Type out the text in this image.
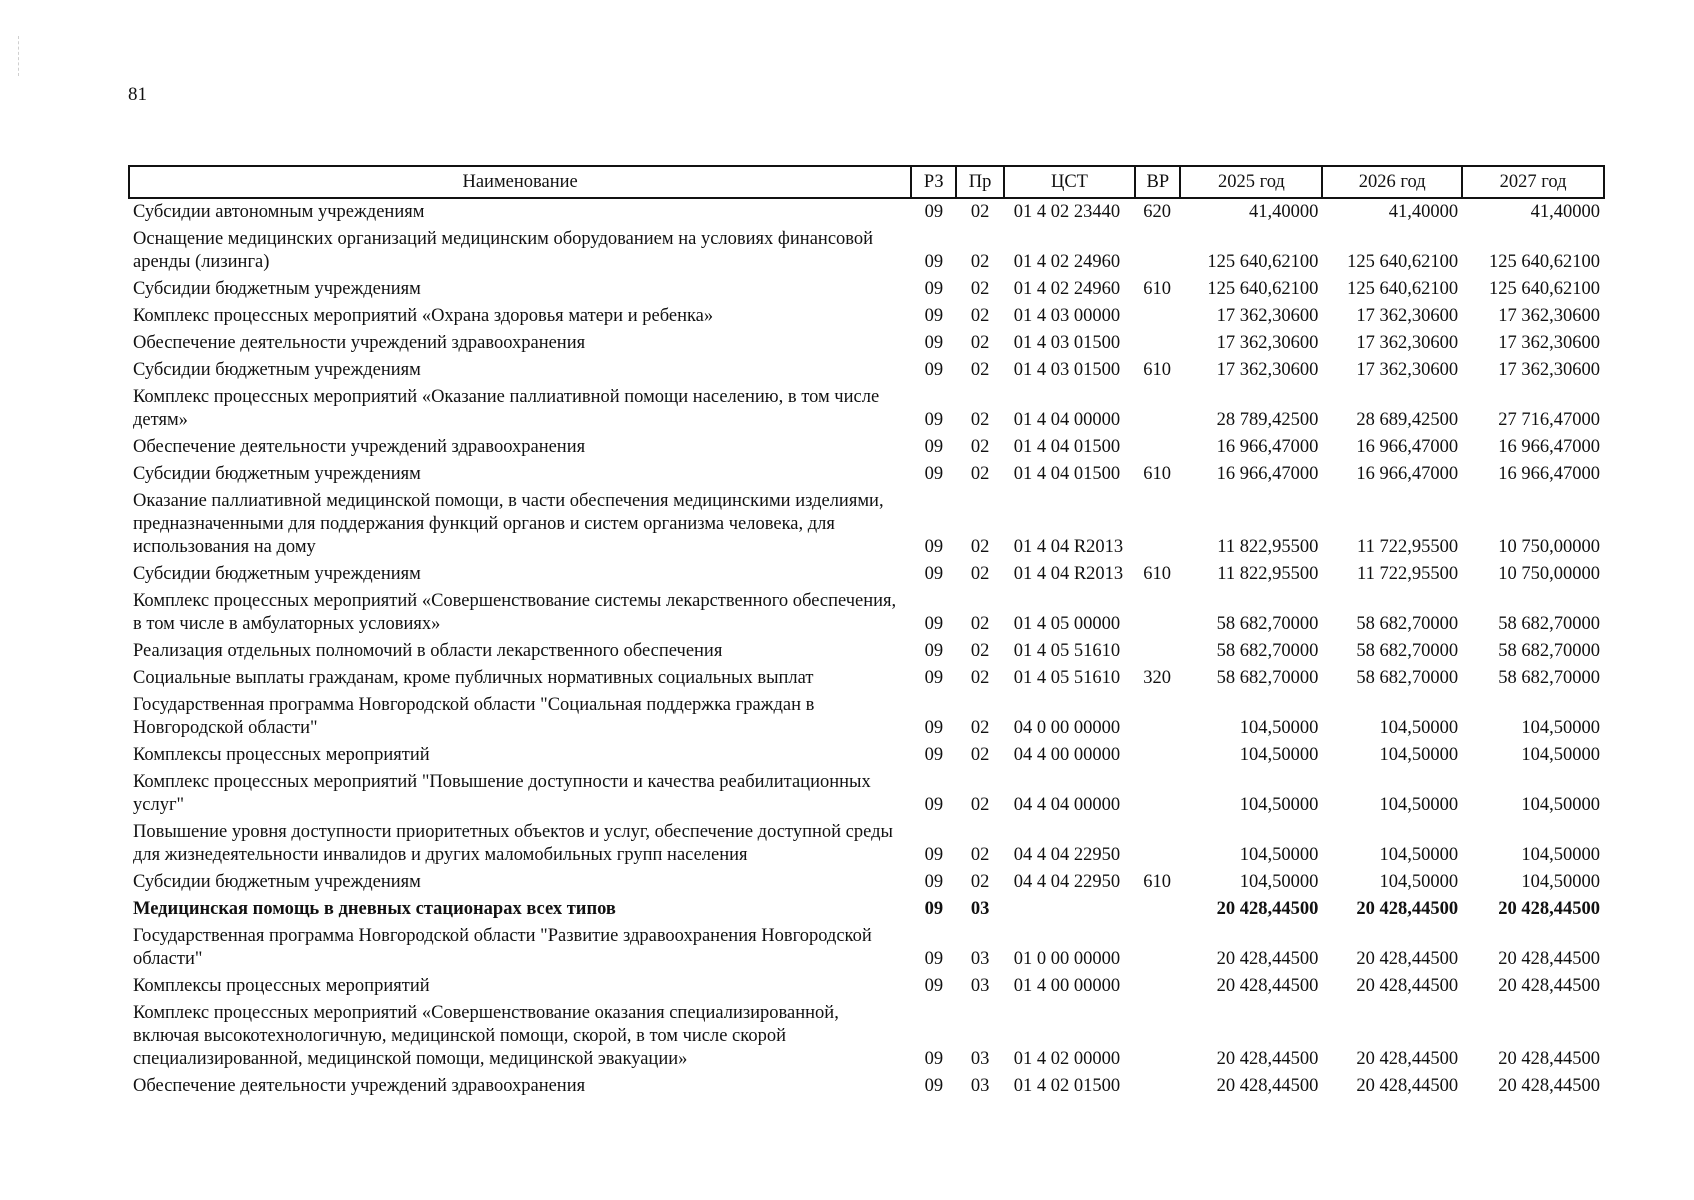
81
Наименование	РЗ	Пр	ЦСТ	ВР	2025 год	2026 год	2027 год
Субсидии автономным учреждениям	09	02	01 4 02 23440	620	41,40000	41,40000	41,40000
Оснащение медицинских организаций медицинским оборудованием на условиях финансовой аренды (лизинга)	09	02	01 4 02 24960		125 640,62100	125 640,62100	125 640,62100
Субсидии бюджетным учреждениям	09	02	01 4 02 24960	610	125 640,62100	125 640,62100	125 640,62100
Комплекс процессных мероприятий «Охрана здоровья матери и ребенка»	09	02	01 4 03 00000		17 362,30600	17 362,30600	17 362,30600
Обеспечение деятельности учреждений здравоохранения	09	02	01 4 03 01500		17 362,30600	17 362,30600	17 362,30600
Субсидии бюджетным учреждениям	09	02	01 4 03 01500	610	17 362,30600	17 362,30600	17 362,30600
Комплекс процессных мероприятий «Оказание паллиативной помощи населению, в том числе детям»	09	02	01 4 04 00000		28 789,42500	28 689,42500	27 716,47000
Обеспечение деятельности учреждений здравоохранения	09	02	01 4 04 01500		16 966,47000	16 966,47000	16 966,47000
Субсидии бюджетным учреждениям	09	02	01 4 04 01500	610	16 966,47000	16 966,47000	16 966,47000
Оказание паллиативной медицинской помощи, в части обеспечения медицинскими изделиями, предназначенными для поддержания функций органов и систем организма человека, для использования на дому	09	02	01 4 04 R2013		11 822,95500	11 722,95500	10 750,00000
Субсидии бюджетным учреждениям	09	02	01 4 04 R2013	610	11 822,95500	11 722,95500	10 750,00000
Комплекс процессных мероприятий «Совершенствование системы лекарственного обеспечения, в том числе в амбулаторных условиях»	09	02	01 4 05 00000		58 682,70000	58 682,70000	58 682,70000
Реализация отдельных полномочий в области лекарственного обеспечения	09	02	01 4 05 51610		58 682,70000	58 682,70000	58 682,70000
Социальные выплаты гражданам, кроме публичных нормативных социальных выплат	09	02	01 4 05 51610	320	58 682,70000	58 682,70000	58 682,70000
Государственная программа Новгородской области "Социальная поддержка граждан в Новгородской области"	09	02	04 0 00 00000		104,50000	104,50000	104,50000
Комплексы процессных мероприятий	09	02	04 4 00 00000		104,50000	104,50000	104,50000
Комплекс процессных мероприятий "Повышение доступности и качества реабилитационных услуг"	09	02	04 4 04 00000		104,50000	104,50000	104,50000
Повышение уровня доступности приоритетных объектов и услуг, обеспечение доступной среды для жизнедеятельности инвалидов и других маломобильных групп населения	09	02	04 4 04 22950		104,50000	104,50000	104,50000
Субсидии бюджетным учреждениям	09	02	04 4 04 22950	610	104,50000	104,50000	104,50000
Медицинская помощь в дневных стационарах всех типов	09	03			20 428,44500	20 428,44500	20 428,44500
Государственная программа Новгородской области "Развитие здравоохранения Новгородской области"	09	03	01 0 00 00000		20 428,44500	20 428,44500	20 428,44500
Комплексы процессных мероприятий	09	03	01 4 00 00000		20 428,44500	20 428,44500	20 428,44500
Комплекс процессных мероприятий «Совершенствование оказания специализированной, включая высокотехнологичную, медицинской помощи, скорой, в том числе скорой специализированной, медицинской помощи, медицинской эвакуации»	09	03	01 4 02 00000		20 428,44500	20 428,44500	20 428,44500
Обеспечение деятельности учреждений здравоохранения	09	03	01 4 02 01500		20 428,44500	20 428,44500	20 428,44500
